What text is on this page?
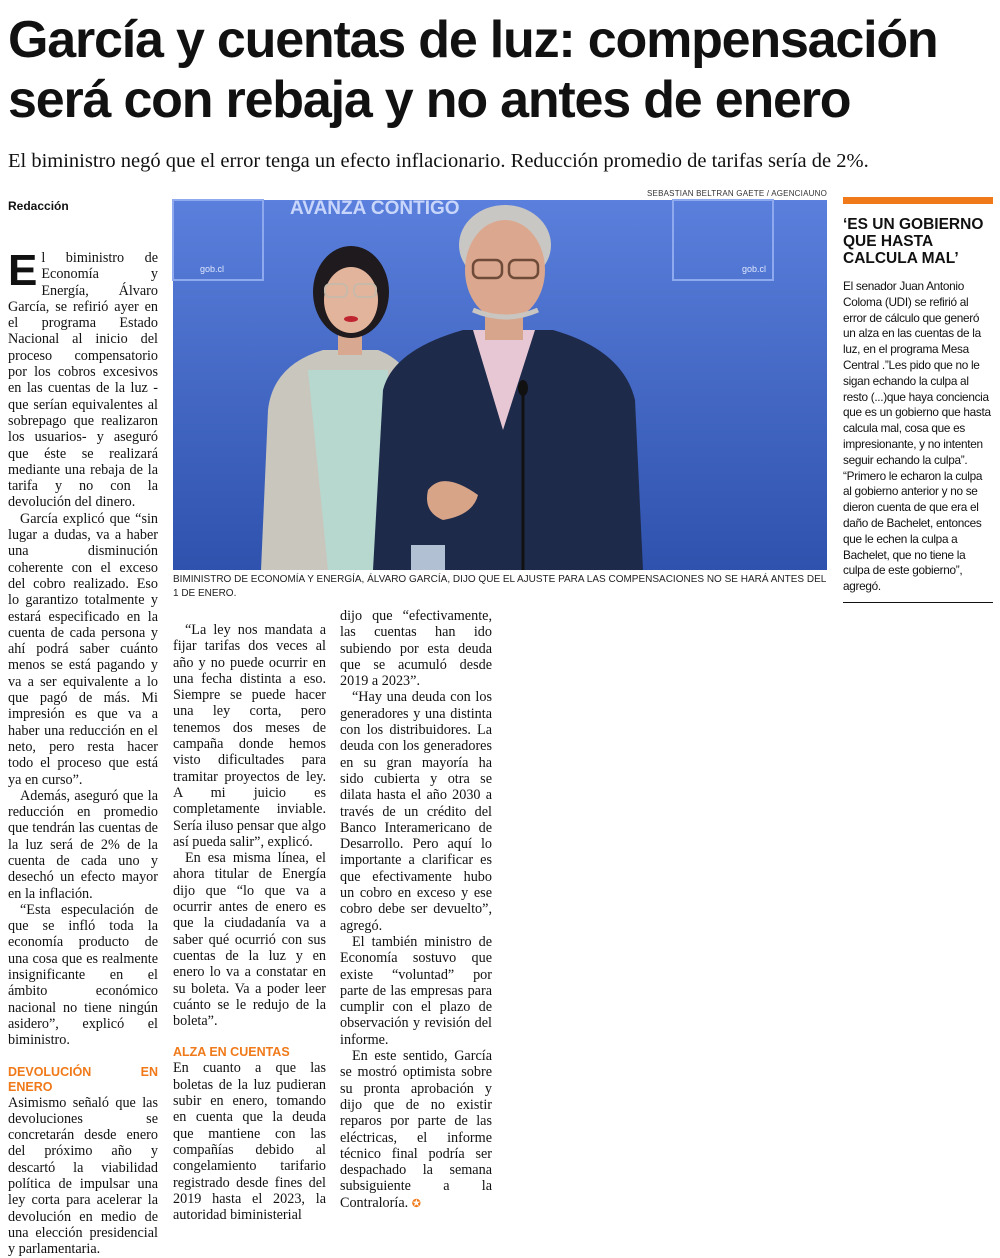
García y cuentas de luz: compensación será con rebaja y no antes de enero
El biministro negó que el error tenga un efecto inflacionario. Reducción promedio de tarifas sería de 2%.
Redacción
SEBASTIAN BELTRAN GAETE / AGENCIAUNO
AVANZA CONTIGO
gob.cl	gob.cl
BIMINISTRO DE ECONOMÍA Y ENERGÍA, ÁLVARO GARCÍA, DIJO QUE EL AJUSTE PARA LAS COMPENSACIONES NO SE HARÁ ANTES DEL 1 DE ENERO.

El biministro de Economía y Energía, Álvaro García, se refirió ayer en el programa Estado Nacional al inicio del proceso compensatorio por los cobros excesivos en las cuentas de la luz - que serían equivalentes al sobrepago que realizaron los usuarios- y aseguró que éste se realizará mediante una rebaja de la tarifa y no con la devolución del dinero.

García explicó que “sin lugar a dudas, va a haber una disminución coherente con el exceso del cobro realizado. Eso lo garantizo totalmente y estará especificado en la cuenta de cada persona y ahí podrá saber cuánto menos se está pagando y va a ser equivalente a lo que pagó de más. Mi impresión es que va a haber una reducción en el neto, pero resta hacer todo el proceso que está ya en curso”.

Además, aseguró que la reducción en promedio que tendrán las cuentas de la luz será de 2% de la cuenta de cada uno y desechó un efecto mayor en la inflación.

“Esta especulación de que se infló toda la economía producto de una cosa que es realmente insignificante en el ámbito económico nacional no tiene ningún asidero”, explicó el biministro.

DEVOLUCIÓN EN ENERO

Asimismo señaló que las devoluciones se concretarán desde enero del próximo año y descartó la viabilidad política de impulsar una ley corta para acelerar la devolución en medio de una elección presidencial y parlamentaria.

“La ley nos mandata a fijar tarifas dos veces al año y no puede ocurrir en una fecha distinta a eso. Siempre se puede hacer una ley corta, pero tenemos dos meses de campaña donde hemos visto dificultades para tramitar proyectos de ley. A mi juicio es completamente inviable. Sería iluso pensar que algo así pueda salir”, explicó.

En esa misma línea, el ahora titular de Energía dijo que “lo que va a ocurrir antes de enero es que la ciudadanía va a saber qué ocurrió con sus cuentas de la luz y en enero lo va a constatar en su boleta. Va a poder leer cuánto se le redujo de la boleta”.

ALZA EN CUENTAS

En cuanto a que las boletas de la luz pudieran subir en enero, tomando en cuenta que la deuda que mantiene con las compañías debido al congelamiento tarifario registrado desde fines del 2019 hasta el 2023, la autoridad biministerial

dijo que “efectivamente, las cuentas han ido subiendo por esta deuda que se acumuló desde 2019 a 2023”.

“Hay una deuda con los generadores y una distinta con los distribuidores. La deuda con los generadores en su gran mayoría ha sido cubierta y otra se dilata hasta el año 2030 a través de un crédito del Banco Interamericano de Desarrollo. Pero aquí lo importante a clarificar es que efectivamente hubo un cobro en exceso y ese cobro debe ser devuelto”, agregó.

El también ministro de Economía sostuvo que existe “voluntad” por parte de las empresas para cumplir con el plazo de observación y revisión del informe.

En este sentido, García se mostró optimista sobre su pronta aprobación y dijo que de no existir reparos por parte de las eléctricas, el informe técnico final podría ser despachado la semana subsiguiente a la Contraloría. ✪

‘ES UN GOBIERNO QUE HASTA CALCULA MAL’
El senador Juan Antonio Coloma (UDI) se refirió al error de cálculo que generó un alza en las cuentas de la luz, en el programa Mesa Central .”Les pido que no le sigan echando la culpa al resto (...)que haya conciencia que es un gobierno que hasta calcula mal, cosa que es impresionante, y no intenten seguir echando la culpa”. “Primero le echaron la culpa al gobierno anterior y no se dieron cuenta de que era el daño de Bachelet, entonces que le echen la culpa a Bachelet, que no tiene la culpa de este gobierno”, agregó.
